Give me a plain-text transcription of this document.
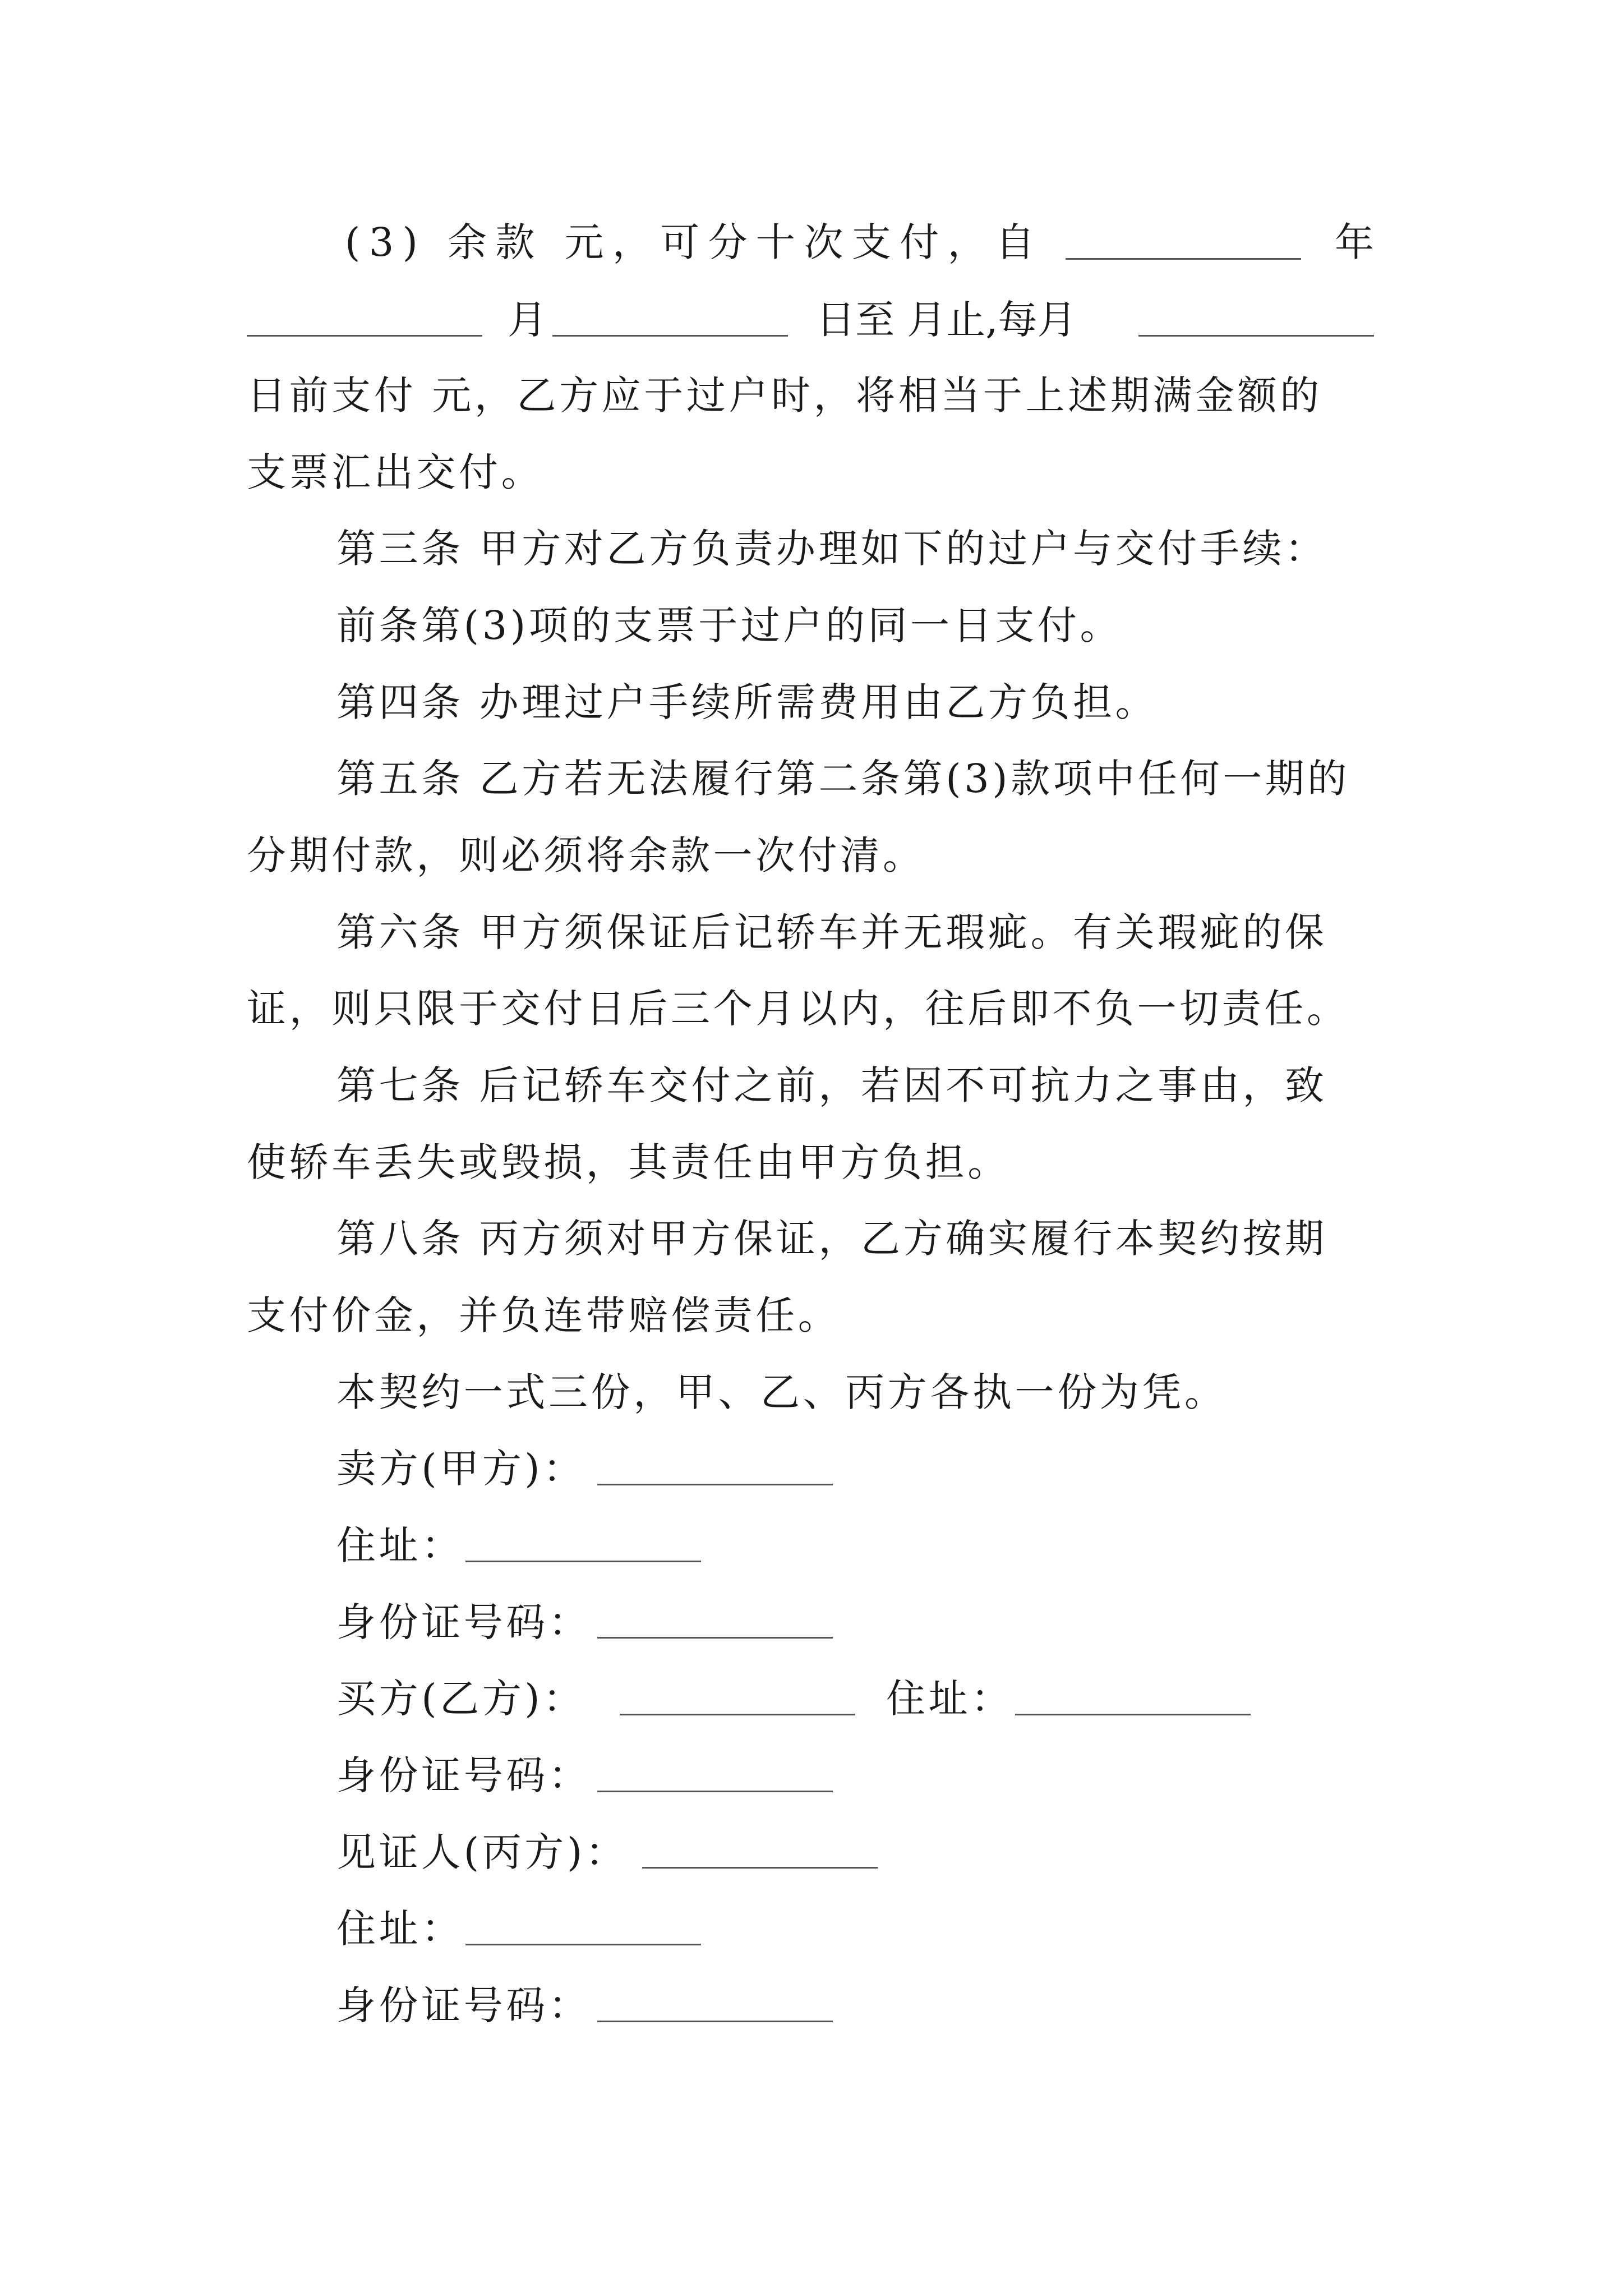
(3) 余款 元，可分十次支付，自	年
月	日至 月止,每月
日前支付 元，乙方应于过户时，将相当于上述期满金额的
支票汇出交付。
第三条 甲方对乙方负责办理如下的过户与交付手续：
前条第(3)项的支票于过户的同一日支付。
第四条 办理过户手续所需费用由乙方负担。
第五条 乙方若无法履行第二条第(3)款项中任何一期的
分期付款，则必须将余款一次付清。
第六条 甲方须保证后记轿车并无瑕疵。有关瑕疵的保
证，则只限于交付日后三个月以内，往后即不负一切责任。
第七条 后记轿车交付之前，若因不可抗力之事由，致
使轿车丢失或毁损，其责任由甲方负担。
第八条 丙方须对甲方保证，乙方确实履行本契约按期
支付价金，并负连带赔偿责任。
本契约一式三份，甲、乙、丙方各执一份为凭。
卖方(甲方)：
住址：
身份证号码：
买方(乙方)：	住址：
身份证号码：
见证人(丙方)：
住址：
身份证号码：
